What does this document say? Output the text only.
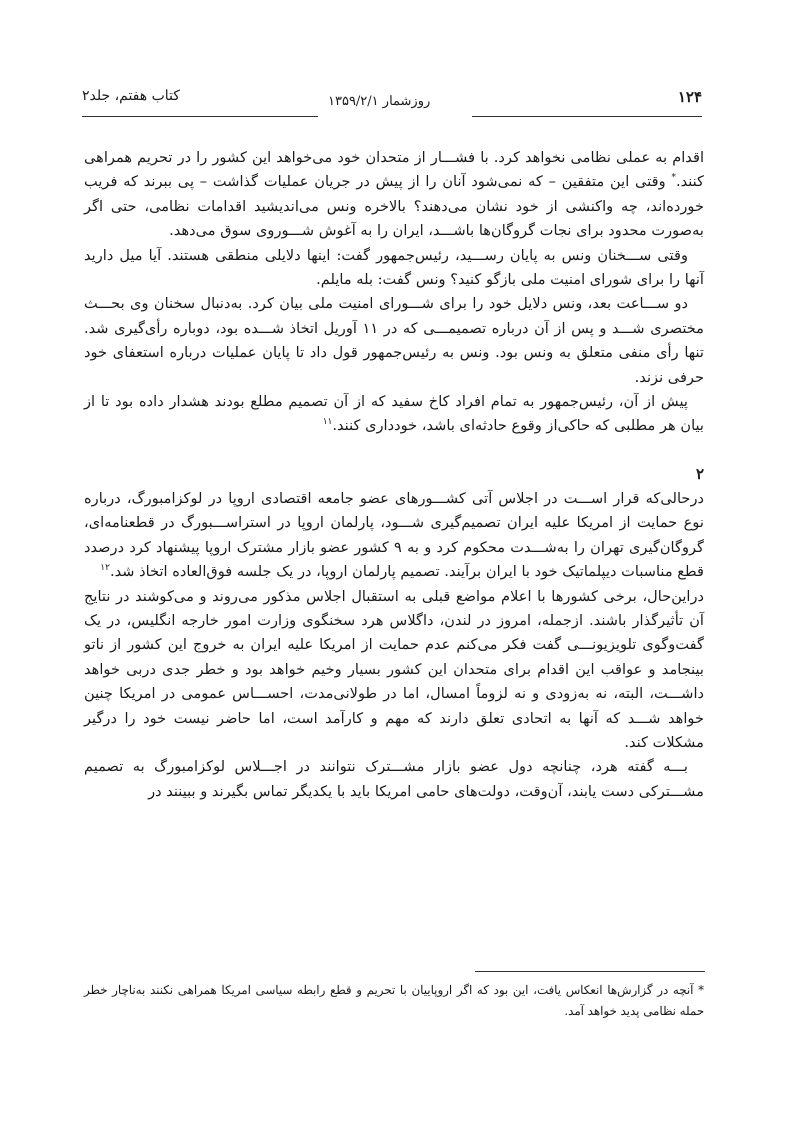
۱۲۴
روزشمار ۱۳۵۹/۲/۱
کتاب هفتم، جلد۲

اقدام به عملی نظامی نخواهد کرد. با فشـــار از متحدان خود می‌خواهد این کشور را در تحریم همراهی کنند.* وقتی این متفقین – که نمی‌شود آنان را از پیش در جریان عملیات گذاشت – پی ببرند که فریب خورده‌اند، چه واکنشی از خود نشان می‌دهند؟ بالاخره ونس می‌اندیشید اقدامات نظامی، حتی اگر به‌صورت محدود برای نجات گروگان‌ها باشـــد، ایران را به آغوش شـــوروی سوق می‌دهد.

وقتی ســـخنان ونس به پایان رســـید، رئیس‌جمهور گفت: اینها دلایلی منطقی هستند. آیا میل دارید آنها را برای شورای امنیت ملی بازگو کنید؟ ونس گفت: بله مایلم.

دو ســـاعت بعد، ونس دلایل خود را برای شـــورای امنیت ملی بیان کرد. به‌دنبال سخنان وی بحـــث مختصری شـــد و پس از آن درباره تصمیمـــی که در ۱۱ آوریل اتخاذ شـــده بود، دوباره رأی‌گیری شد. تنها رأی منفی متعلق به ونس بود. ونس به رئیس‌جمهور قول داد تا پایان عملیات درباره استعفای خود حرفی نزند.

پیش از آن، رئیس‌جمهور به تمام افراد کاخ سفید که از آن تصمیم مطلع بودند هشدار داده بود تا از بیان هر مطلبی که حاکی‌از وقوع حادثه‌ای باشد، خودداری کنند.$^{۱۱}$

۲

درحالی‌که قرار اســـت در اجلاس آتی کشـــورهای عضو جامعه اقتصادی اروپا در لوکزامبورگ، درباره نوع حمایت از امریکا علیه ایران تصمیم‌گیری شـــود، پارلمان اروپا در استراســـبورگ در قطعنامه‌ای، گروگان‌گیری تهران را به‌شـــدت محکوم کرد و به ۹ کشور عضو بازار مشترک اروپا پیشنهاد کرد درصدد قطع مناسبات دیپلماتیک خود با ایران برآیند. تصمیم پارلمان اروپا، در یک جلسه فوق‌العاده اتخاذ شد.$^{۱۲}$

دراین‌حال، برخی کشورها با اعلام مواضع قبلی به استقبال اجلاس مذکور می‌روند و می‌کوشند در نتایج آن تأثیرگذار باشند. ازجمله، امروز در لندن، داگلاس هرد سخنگوی وزارت امور خارجه انگلیس، در یک گفت‌وگوی تلویزیونـــی گفت فکر می‌کنم عدم حمایت از امریکا علیه ایران به خروج این کشور از ناتو بینجامد و عواقب این اقدام برای متحدان این کشور بسیار وخیم خواهد بود و خطر جدی دربی خواهد داشـــت، البته، نه به‌زودی و نه لزوماً امسال، اما در طولانی‌مدت، احســـاس عمومی در امریکا چنین خواهد شـــد که آنها به اتحادی تعلق دارند که مهم و کارآمد است، اما حاضر نیست خود را درگیر مشکلات کند.

بـــه گفته هرد، چنانچه دول عضو بازار مشـــترک نتوانند در اجـــلاس لوکزامبورگ به تصمیم مشـــترکی دست یابند، آن‌وقت، دولت‌های حامی امریکا باید با یکدیگر تماس بگیرند و ببینند در

* آنچه در گزارش‌ها انعکاس یافت، این بود که اگر اروپاییان با تحریم و قطع رابطه سیاسی امریکا همراهی نکنند به‌ناچار خطر حمله نظامی پدید خواهد آمد.
